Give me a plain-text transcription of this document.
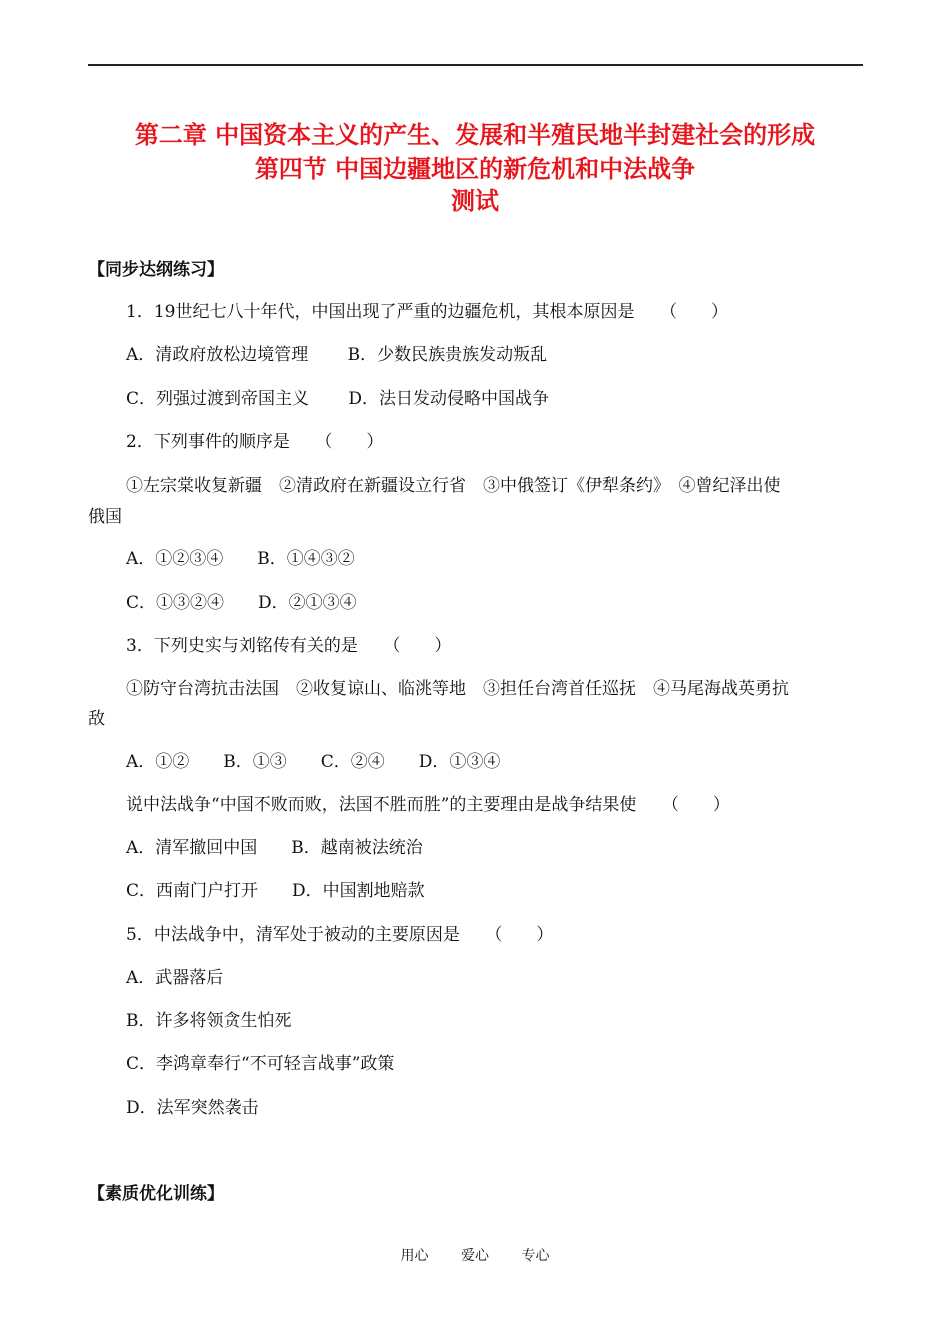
第二章 中国资本主义的产生、发展和半殖民地半封建社会的形成
第四节 中国边疆地区的新危机和中法战争
测试
【同步达纲练习】
1．19世纪七八十年代，中国出现了严重的边疆危机，其根本原因是　　（　　）
A．清政府放松边境管理　　 B．少数民族贵族发动叛乱
C．列强过渡到帝国主义　　 D．法日发动侵略中国战争
2．下列事件的顺序是　　（　　）
①左宗棠收复新疆　②清政府在新疆设立行省　③中俄签订《伊犁条约》　④曾纪泽出使
俄国
A．①②③④　　B．①④③②
C．①③②④　　D．②①③④
3．下列史实与刘铭传有关的是　　（　　）
①防守台湾抗击法国　②收复谅山、临洮等地　③担任台湾首任巡抚　④马尾海战英勇抗
敌
A．①②　　B．①③　　C．②④　　D．①③④
说中法战争“中国不败而败，法国不胜而胜”的主要理由是战争结果使　　（　　）
A．清军撤回中国　　B．越南被法统治
C．西南门户打开　　D．中国割地赔款
5．中法战争中，清军处于被动的主要原因是　　（　　）
A．武器落后
B．许多将领贪生怕死
C．李鸿章奉行“不可轻言战事”政策
D．法军突然袭击
【素质优化训练】
用心 爱心 专心
